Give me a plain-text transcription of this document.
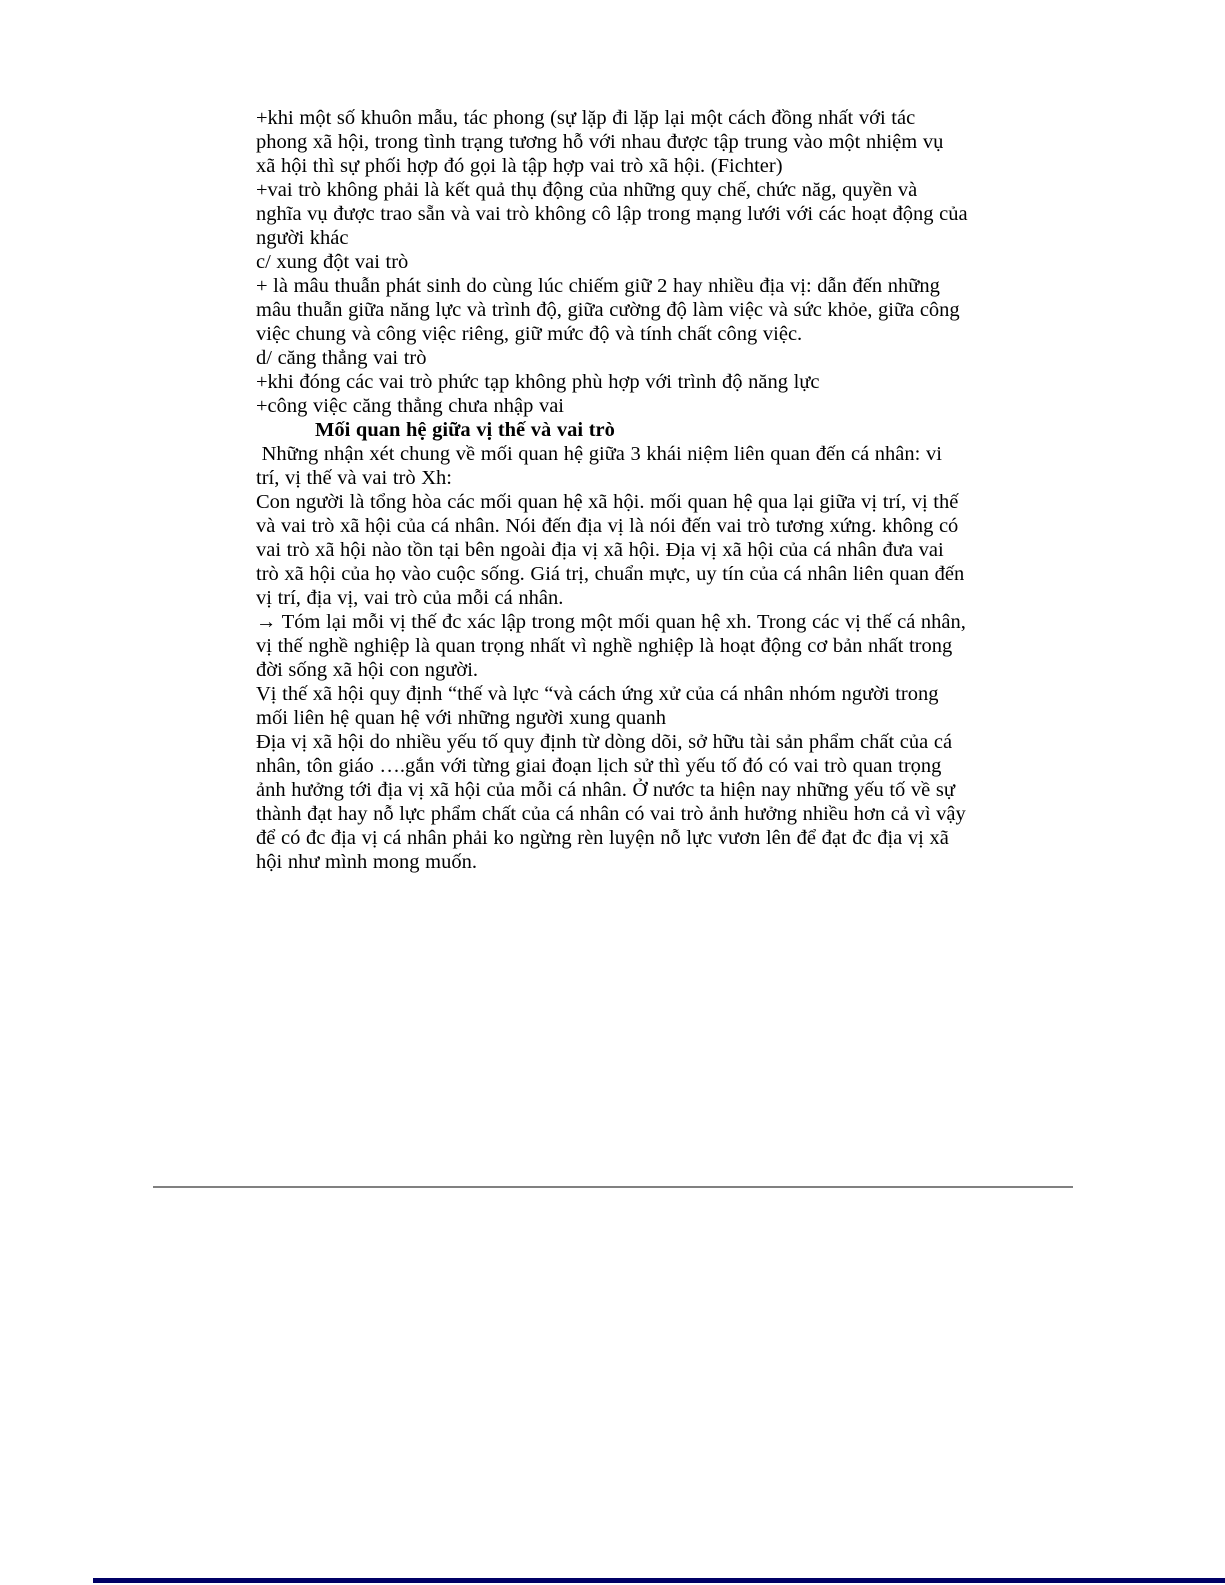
+khi một số khuôn mẫu, tác phong (sự lặp đi lặp lại một cách đồng nhất với tác phong xã hội, trong tình trạng tương hỗ với nhau được tập trung vào một nhiệm vụ xã hội thì sự phối hợp đó gọi là tập hợp vai trò xã hội. (Fichter)

+vai trò không phải là kết quả thụ động của những quy chế, chức năg, quyền và nghĩa vụ được trao sẵn và vai trò không cô lập trong mạng lưới với các hoạt động của người khác

c/ xung đột vai trò

+ là mâu thuẫn phát sinh do cùng lúc chiếm giữ 2 hay nhiều địa vị: dẫn đến những mâu thuẫn giữa năng lực và trình độ, giữa cường độ làm việc và sức khỏe, giữa công việc chung và công việc riêng, giữ mức độ và tính chất công việc.

d/ căng thẳng vai trò

+khi đóng các vai trò phức tạp không phù hợp với trình độ năng lực

+công việc căng thẳng chưa nhập vai

Mối quan hệ giữa vị thế và vai trò

Những nhận xét chung về mối quan hệ giữa 3 khái niệm liên quan đến cá nhân: vi trí, vị thế và vai trò Xh:

Con người là tổng hòa các mối quan hệ xã hội. mối quan hệ qua lại giữa vị trí, vị thế và vai trò xã hội của cá nhân. Nói đến địa vị là nói đến vai trò tương xứng. không có vai trò xã hội nào tồn tại bên ngoài địa vị xã hội. Địa vị xã hội của cá nhân đưa vai trò xã hội của họ vào cuộc sống. Giá trị, chuẩn mực, uy tín của cá nhân liên quan đến vị trí, địa vị, vai trò của mỗi cá nhân.

→ Tóm lại mỗi vị thế đc xác lập trong một mối quan hệ xh. Trong các vị thế cá nhân, vị thế nghề nghiệp là quan trọng nhất vì nghề nghiệp là hoạt động cơ bản nhất trong đời sống xã hội con người.

Vị thế xã hội quy định “thế và lực “và cách ứng xử của cá nhân nhóm người trong mối liên hệ quan hệ với những người xung quanh

Địa vị xã hội do nhiều yếu tố quy định từ dòng dõi, sở hữu tài sản phẩm chất của cá nhân, tôn giáo ….gắn với từng giai đoạn lịch sử thì yếu tố đó có vai trò quan trọng ảnh hưởng tới địa vị xã hội của mỗi cá nhân. Ở nước ta hiện nay những yếu tố về sự thành đạt hay nỗ lực phẩm chất của cá nhân có vai trò ảnh hưởng nhiều hơn cả vì vậy để có đc địa vị cá nhân phải ko ngừng rèn luyện nỗ lực vươn lên để đạt đc địa vị xã hội như mình mong muốn.
